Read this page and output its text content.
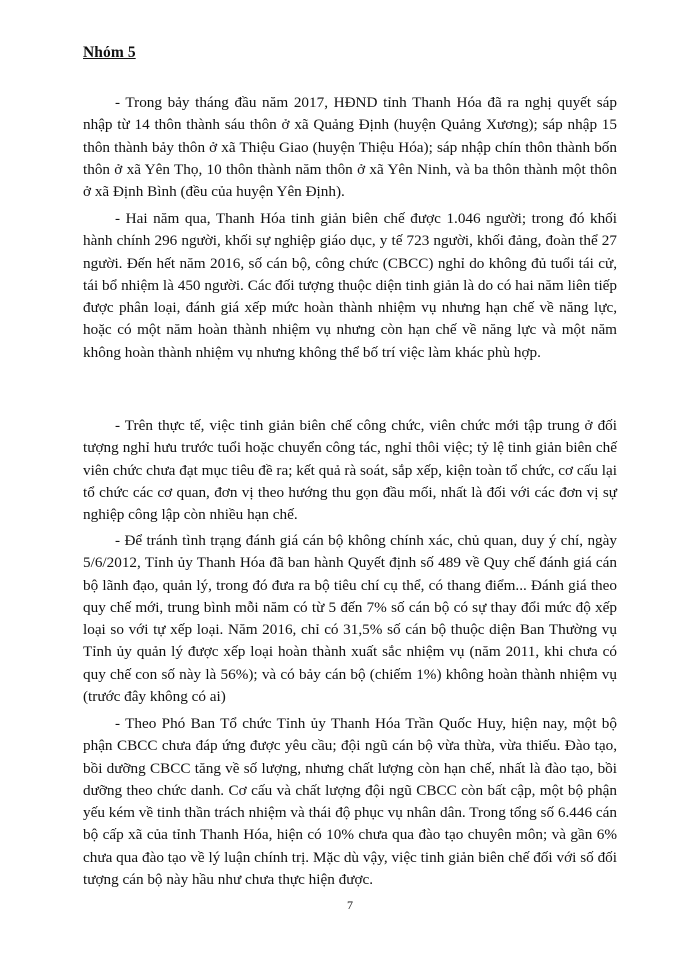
Nhóm 5

- Trong bảy tháng đầu năm 2017, HĐND tỉnh Thanh Hóa đã ra nghị quyết sáp nhập từ 14 thôn thành sáu thôn ở xã Quảng Định (huyện Quảng Xương); sáp nhập 15 thôn thành bảy thôn ở xã Thiệu Giao (huyện Thiệu Hóa); sáp nhập chín thôn thành bốn thôn ở xã Yên Thọ, 10 thôn thành năm thôn ở xã Yên Ninh, và ba thôn thành một thôn ở xã Định Bình (đều của huyện Yên Định).

- Hai năm qua, Thanh Hóa tinh giản biên chế được 1.046 người; trong đó khối hành chính 296 người, khối sự nghiệp giáo dục, y tế 723 người, khối đảng, đoàn thể 27 người. Đến hết năm 2016, số cán bộ, công chức (CBCC) nghỉ do không đủ tuổi tái cử, tái bổ nhiệm là 450 người. Các đối tượng thuộc diện tinh giản là do có hai năm liên tiếp được phân loại, đánh giá xếp mức hoàn thành nhiệm vụ nhưng hạn chế về năng lực, hoặc có một năm hoàn thành nhiệm vụ nhưng còn hạn chế về năng lực và một năm không hoàn thành nhiệm vụ nhưng không thể bố trí việc làm khác phù hợp.

- Trên thực tế, việc tinh giản biên chế công chức, viên chức mới tập trung ở đối tượng nghỉ hưu trước tuổi hoặc chuyển công tác, nghỉ thôi việc; tỷ lệ tinh giản biên chế viên chức chưa đạt mục tiêu đề ra; kết quả rà soát, sắp xếp, kiện toàn tổ chức, cơ cấu lại tổ chức các cơ quan, đơn vị theo hướng thu gọn đầu mối, nhất là đối với các đơn vị sự nghiệp công lập còn nhiều hạn chế.

- Để tránh tình trạng đánh giá cán bộ không chính xác, chủ quan, duy ý chí, ngày 5/6/2012, Tỉnh ủy Thanh Hóa đã ban hành Quyết định số 489 về Quy chế đánh giá cán bộ lãnh đạo, quản lý, trong đó đưa ra bộ tiêu chí cụ thể, có thang điểm... Đánh giá theo quy chế mới, trung bình mỗi năm có từ 5 đến 7% số cán bộ có sự thay đổi mức độ xếp loại so với tự xếp loại. Năm 2016, chỉ có 31,5% số cán bộ thuộc diện Ban Thường vụ Tỉnh ủy quản lý được xếp loại hoàn thành xuất sắc nhiệm vụ (năm 2011, khi chưa có quy chế con số này là 56%); và có bảy cán bộ (chiếm 1%) không hoàn thành nhiệm vụ (trước đây không có ai)

- Theo Phó Ban Tổ chức Tỉnh ủy Thanh Hóa Trần Quốc Huy, hiện nay, một bộ phận CBCC chưa đáp ứng được yêu cầu; đội ngũ cán bộ vừa thừa, vừa thiếu. Đào tạo, bồi dưỡng CBCC tăng về số lượng, nhưng chất lượng còn hạn chế, nhất là đào tạo, bồi dưỡng theo chức danh. Cơ cấu và chất lượng đội ngũ CBCC còn bất cập, một bộ phận yếu kém về tinh thần trách nhiệm và thái độ phục vụ nhân dân. Trong tổng số 6.446 cán bộ cấp xã của tỉnh Thanh Hóa, hiện có 10% chưa qua đào tạo chuyên môn; và gần 6% chưa qua đào tạo về lý luận chính trị. Mặc dù vậy, việc tinh giản biên chế đối với số đối tượng cán bộ này hầu như chưa thực hiện được.

7
